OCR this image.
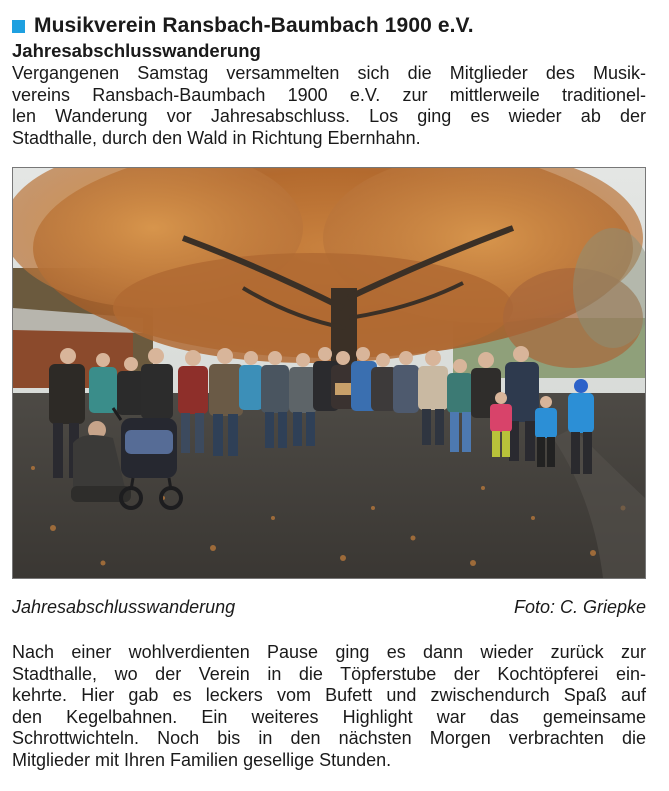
Musikverein Ransbach-Baumbach 1900 e.V.
Jahresabschlusswanderung
Vergangenen Samstag versammelten sich die Mitglieder des Musik-
vereins Ransbach-Baumbach 1900 e.V. zur mittlerweile traditionel-
len Wanderung vor Jahresabschluss. Los ging es wieder ab der
Stadthalle, durch den Wald in Richtung Ebernhahn.
Jahresabschlusswanderung	Foto: C. Griepke
Nach einer wohlverdienten Pause ging es dann wieder zurück zur
Stadthalle, wo der Verein in die Töpferstube der Kochtöpferei ein-
kehrte. Hier gab es leckers vom Bufett und zwischendurch Spaß auf
den Kegelbahnen. Ein weiteres Highlight war das gemeinsame
Schrottwichteln. Noch bis in den nächsten Morgen verbrachten die
Mitglieder mit Ihren Familien gesellige Stunden.
